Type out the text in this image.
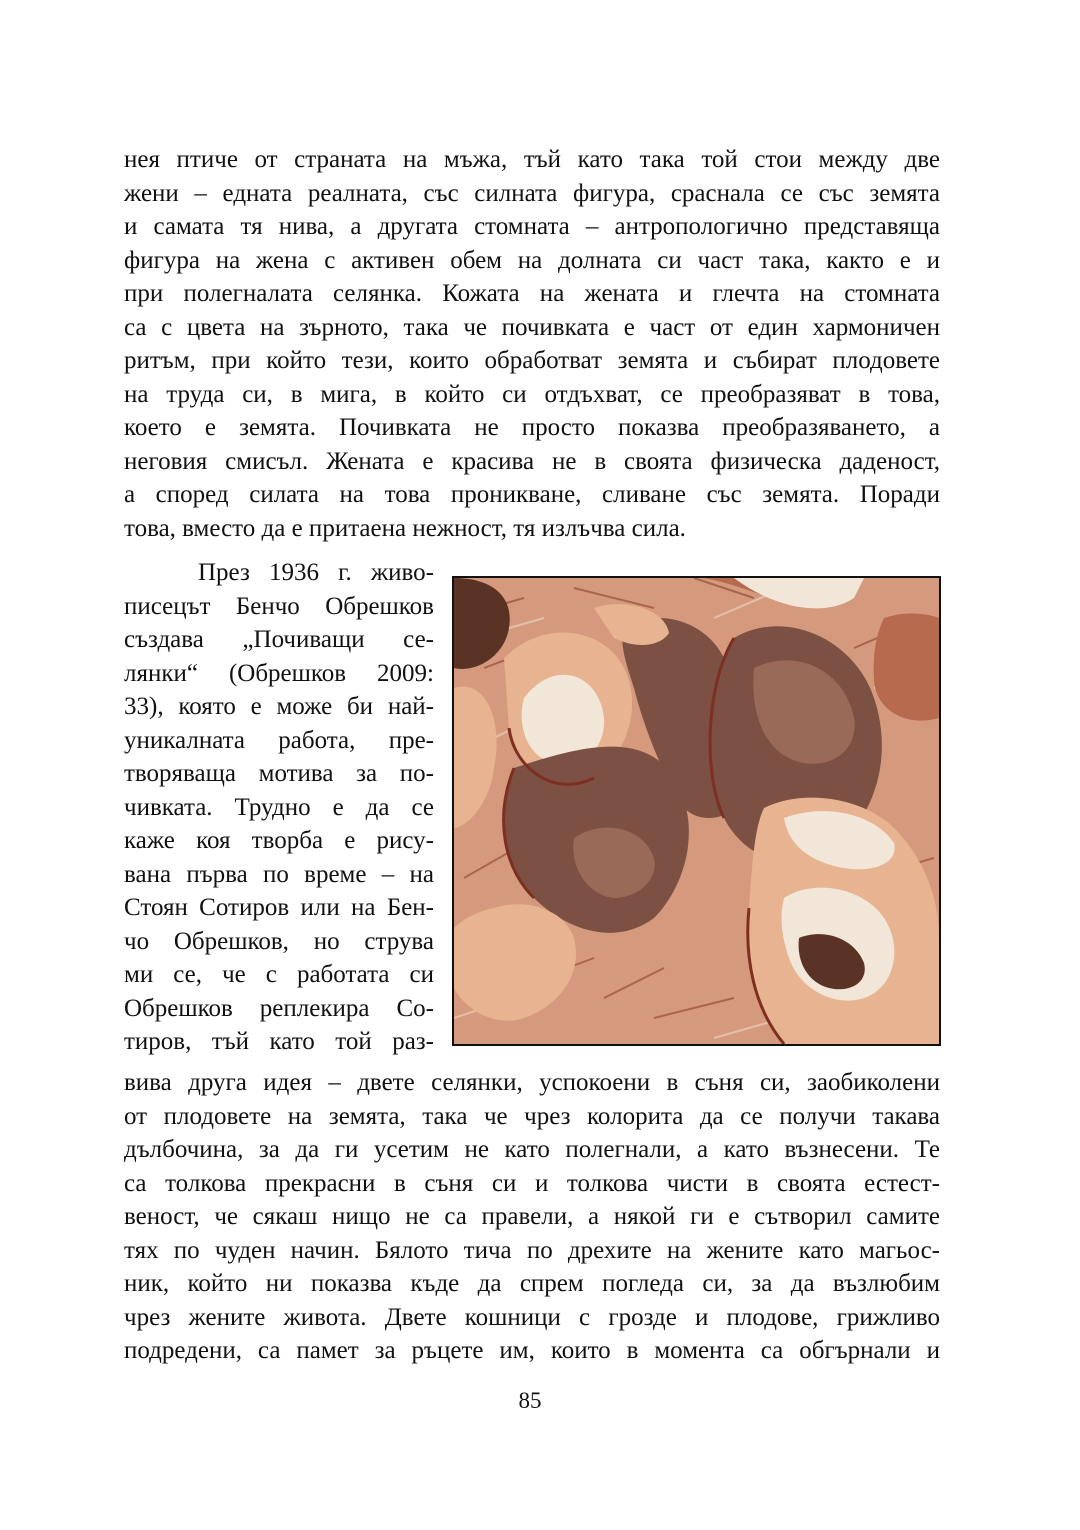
нея птиче от страната на мъжа, тъй като така той стои между две
жени – едната реалната, със силната фигура, сраснала се със земята
и самата тя нива, а другата стомната – антропологично представяща
фигура на жена с активен обем на долната си част така, както е и
при полегналата селянка. Кожата на жената и глечта на стомната
са с цвета на зърното, така че почивката е част от един хармоничен
ритъм, при който тези, които обработват земята и събират плодовете
на труда си, в мига, в който си отдъхват, се преобразяват в това,
което е земята. Почивката не просто показва преобразяването, а
неговия смисъл. Жената е красива не в своята физическа даденост,
а според силата на това проникване, сливане със земята. Поради
това, вместо да е притаена нежност, тя излъчва сила.
През 1936 г. живо-
писецът Бенчо Обрешков
създава „Почиващи се-
лянки“ (Обрешков 2009:
33), която е може би най-
уникалната работа, пре-
творяваща мотива за по-
чивката. Трудно е да се
каже коя творба е рису-
вана първа по време – на
Стоян Сотиров или на Бен-
чо Обрешков, но струва
ми се, че с работата си
Обрешков реплекира Со-
тиров, тъй като той раз-
вива друга идея – двете селянки, успокоени в съня си, заобиколени
от плодовете на земята, така че чрез колорита да се получи такава
дълбочина, за да ги усетим не като полегнали, а като възнесени. Те
са толкова прекрасни в съня си и толкова чисти в своята естест-
веност, че сякаш нищо не са правели, а някой ги е сътворил самите
тях по чуден начин. Бялото тича по дрехите на жените като магьос-
ник, който ни показва къде да спрем погледа си, за да възлюбим
чрез жените живота. Двете кошници с грозде и плодове, грижливо
подредени, са памет за ръцете им, които в момента са обгърнали и
85
